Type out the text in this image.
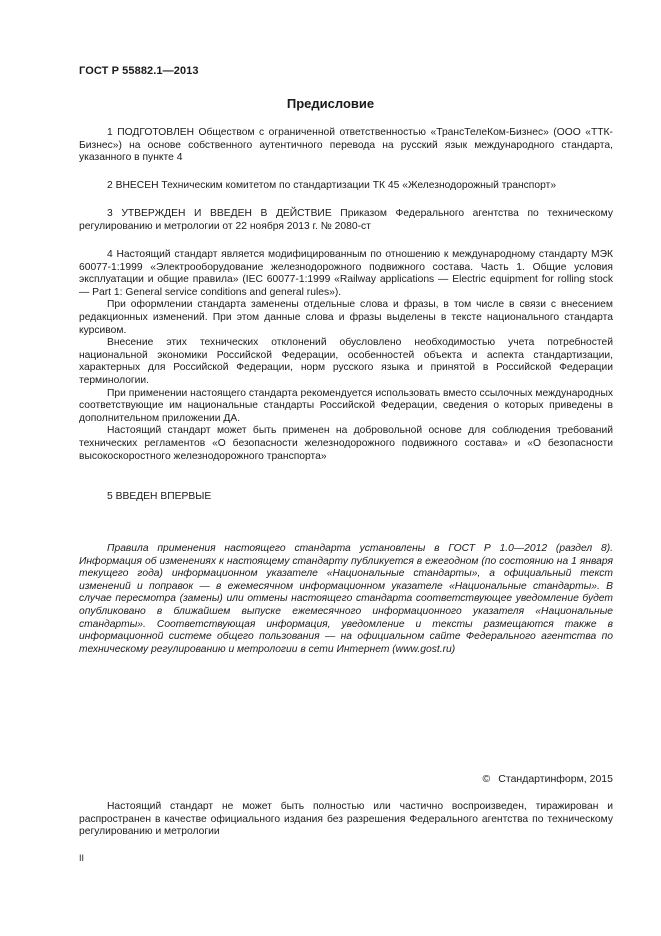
ГОСТ Р 55882.1—2013
Предисловие

1 ПОДГОТОВЛЕН Обществом с ограниченной ответственностью «ТрансТелеКом-Бизнес» (ООО «ТТК-Бизнес») на основе собственного аутентичного перевода на русский язык международного стандарта, указанного в пункте 4

2 ВНЕСЕН Техническим комитетом по стандартизации ТК 45 «Железнодорожный транспорт»

3 УТВЕРЖДЕН И ВВЕДЕН В ДЕЙСТВИЕ Приказом Федерального агентства по техническому регулированию и метрологии от 22 ноября 2013 г. № 2080-ст

4 Настоящий стандарт является модифицированным по отношению к международному стандарту МЭК 60077-1:1999 «Электрооборудование железнодорожного подвижного состава. Часть 1. Общие условия эксплуатации и общие правила» (IEC 60077-1:1999 «Railway applications — Electric equipment for rolling stock — Part 1: General service conditions and general rules»).

При оформлении стандарта заменены отдельные слова и фразы, в том числе в связи с внесением редакционных изменений. При этом данные слова и фразы выделены в тексте национального стандарта курсивом.

Внесение этих технических отклонений обусловлено необходимостью учета потребностей национальной экономики Российской Федерации, особенностей объекта и аспекта стандартизации, характерных для Российской Федерации, норм русского языка и принятой в Российской Федерации терминологии.

При применении настоящего стандарта рекомендуется использовать вместо ссылочных международных соответствующие им национальные стандарты Российской Федерации, сведения о которых приведены в дополнительном приложении ДА.

Настоящий стандарт может быть применен на добровольной основе для соблюдения требований технических регламентов «О безопасности железнодорожного подвижного состава» и «О безопасности высокоскоростного железнодорожного транспорта»

5 ВВЕДЕН ВПЕРВЫЕ

Правила применения настоящего стандарта установлены в ГОСТ Р 1.0—2012 (раздел 8). Информация об изменениях к настоящему стандарту публикуется в ежегодном (по состоянию на 1 января текущего года) информационном указателе «Национальные стандарты», а официальный текст изменений и поправок — в ежемесячном информационном указателе «Национальные стандарты». В случае пересмотра (замены) или отмены настоящего стандарта соответствующее уведомление будет опубликовано в ближайшем выпуске ежемесячного информационного указателя «Национальные стандарты». Соответствующая информация, уведомление и тексты размещаются также в информационной системе общего пользования — на официальном сайте Федерального агентства по техническому регулированию и метрологии в сети Интернет (www.gost.ru)

© Стандартинформ, 2015

Настоящий стандарт не может быть полностью или частично воспроизведен, тиражирован и распространен в качестве официального издания без разрешения Федерального агентства по техническому регулированию и метрологии

II
